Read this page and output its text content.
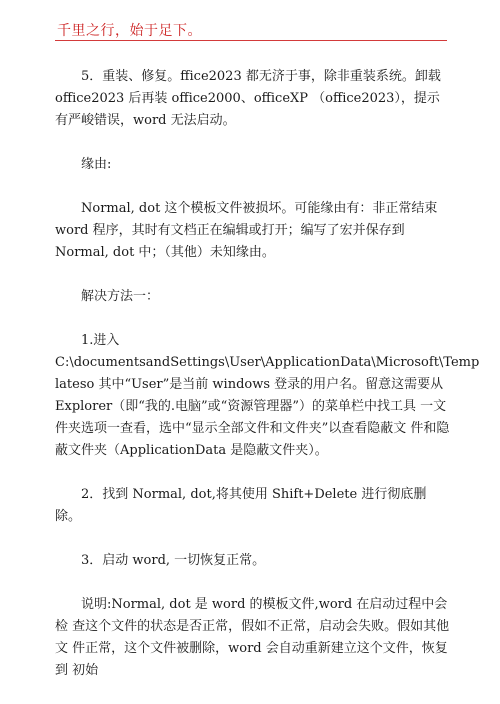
千里之行，始于足下。

5．重装、修复。ffice2023 都无济于事，除非重装系统。卸载 office2023 后再装 office2000、officeXP （office2023），提示有严峻错误，word 无法启动。

缘由:

Normal, dot 这个模板文件被损坏。可能缘由有：非正常结束 word 程序，其时有文档正在编辑或打开；编写了宏并保存到 Normal, dot 中；（其他）未知缘由。

解决方法一：

1.进入
C:\documentsandSettings\User\ApplicationData\Microsoft\Temp
lateso 其中“User”是当前 windows 登录的用户名。留意这需要从 Explorer（即“我的.电脑”或“资源管理器”）的菜单栏中找工具 一文件夹选项一查看，选中“显示全部文件和文件夹”以查看隐蔽文 件和隐蔽文件夹（ApplicationData 是隐蔽文件夹）。

2．找到 Normal, dot,将其使用 Shift+Delete 进行彻底删除。

3．启动 word, 一切恢复正常。

说明:Normal, dot 是 word 的模板文件,word 在启动过程中会检 查这个文件的状态是否正常，假如不正常，启动会失败。假如其他文 件正常，这个文件被删除，word 会自动重新建立这个文件，恢复到 初始
